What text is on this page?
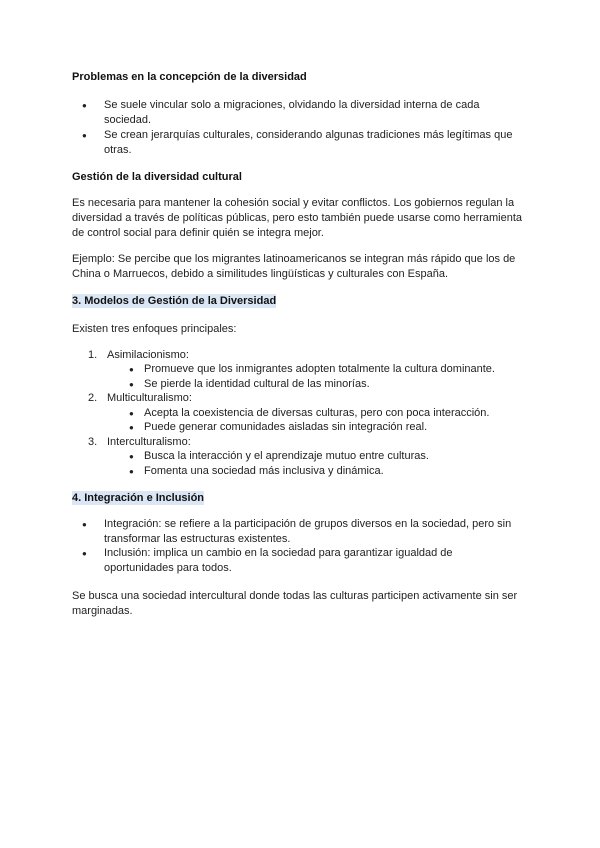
Problemas en la concepción de la diversidad
● Se suele vincular solo a migraciones, olvidando la diversidad interna de cada sociedad.
● Se crean jerarquías culturales, considerando algunas tradiciones más legítimas que otras.
Gestión de la diversidad cultural
Es necesaria para mantener la cohesión social y evitar conflictos. Los gobiernos regulan la diversidad a través de políticas públicas, pero esto también puede usarse como herramienta de control social para definir quién se integra mejor.
Ejemplo: Se percibe que los migrantes latinoamericanos se integran más rápido que los de China o Marruecos, debido a similitudes lingüísticas y culturales con España.
3. Modelos de Gestión de la Diversidad
Existen tres enfoques principales:
1. Asimilacionismo:
● Promueve que los inmigrantes adopten totalmente la cultura dominante.
● Se pierde la identidad cultural de las minorías.
2. Multiculturalismo:
● Acepta la coexistencia de diversas culturas, pero con poca interacción.
● Puede generar comunidades aisladas sin integración real.
3. Interculturalismo:
● Busca la interacción y el aprendizaje mutuo entre culturas.
● Fomenta una sociedad más inclusiva y dinámica.
4. Integración e Inclusión
● Integración: se refiere a la participación de grupos diversos en la sociedad, pero sin transformar las estructuras existentes.
● Inclusión: implica un cambio en la sociedad para garantizar igualdad de oportunidades para todos.
Se busca una sociedad intercultural donde todas las culturas participen activamente sin ser marginadas.
